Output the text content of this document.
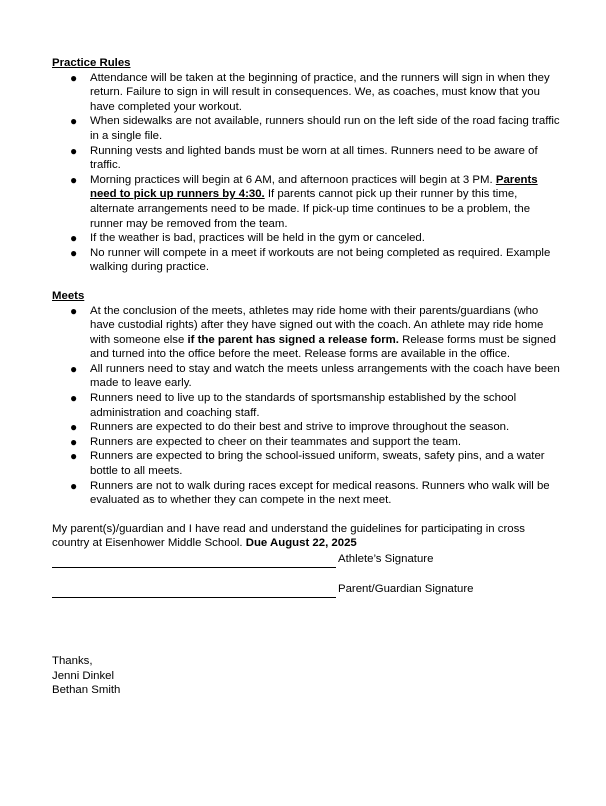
Practice Rules

● Attendance will be taken at the beginning of practice, and the runners will sign in when they return. Failure to sign in will result in consequences. We, as coaches, must know that you have completed your workout.
● When sidewalks are not available, runners should run on the left side of the road facing traffic in a single file.
● Running vests and lighted bands must be worn at all times. Runners need to be aware of traffic.
● Morning practices will begin at 6 AM, and afternoon practices will begin at 3 PM. Parents need to pick up runners by 4:30. If parents cannot pick up their runner by this time, alternate arrangements need to be made. If pick-up time continues to be a problem, the runner may be removed from the team.
● If the weather is bad, practices will be held in the gym or canceled.
● No runner will compete in a meet if workouts are not being completed as required. Example walking during practice.

Meets

● At the conclusion of the meets, athletes may ride home with their parents/guardians (who have custodial rights) after they have signed out with the coach. An athlete may ride home with someone else if the parent has signed a release form. Release forms must be signed and turned into the office before the meet. Release forms are available in the office.
● All runners need to stay and watch the meets unless arrangements with the coach have been made to leave early.
● Runners need to live up to the standards of sportsmanship established by the school administration and coaching staff.
● Runners are expected to do their best and strive to improve throughout the season.
● Runners are expected to cheer on their teammates and support the team.
● Runners are expected to bring the school-issued uniform, sweats, safety pins, and a water bottle to all meets.
● Runners are not to walk during races except for medical reasons. Runners who walk will be evaluated as to whether they can compete in the next meet.

My parent(s)/guardian and I have read and understand the guidelines for participating in cross country at Eisenhower Middle School. Due August 22, 2025

Athlete’s Signature
Parent/Guardian Signature
Thanks,
Jenni Dinkel
Bethan Smith
